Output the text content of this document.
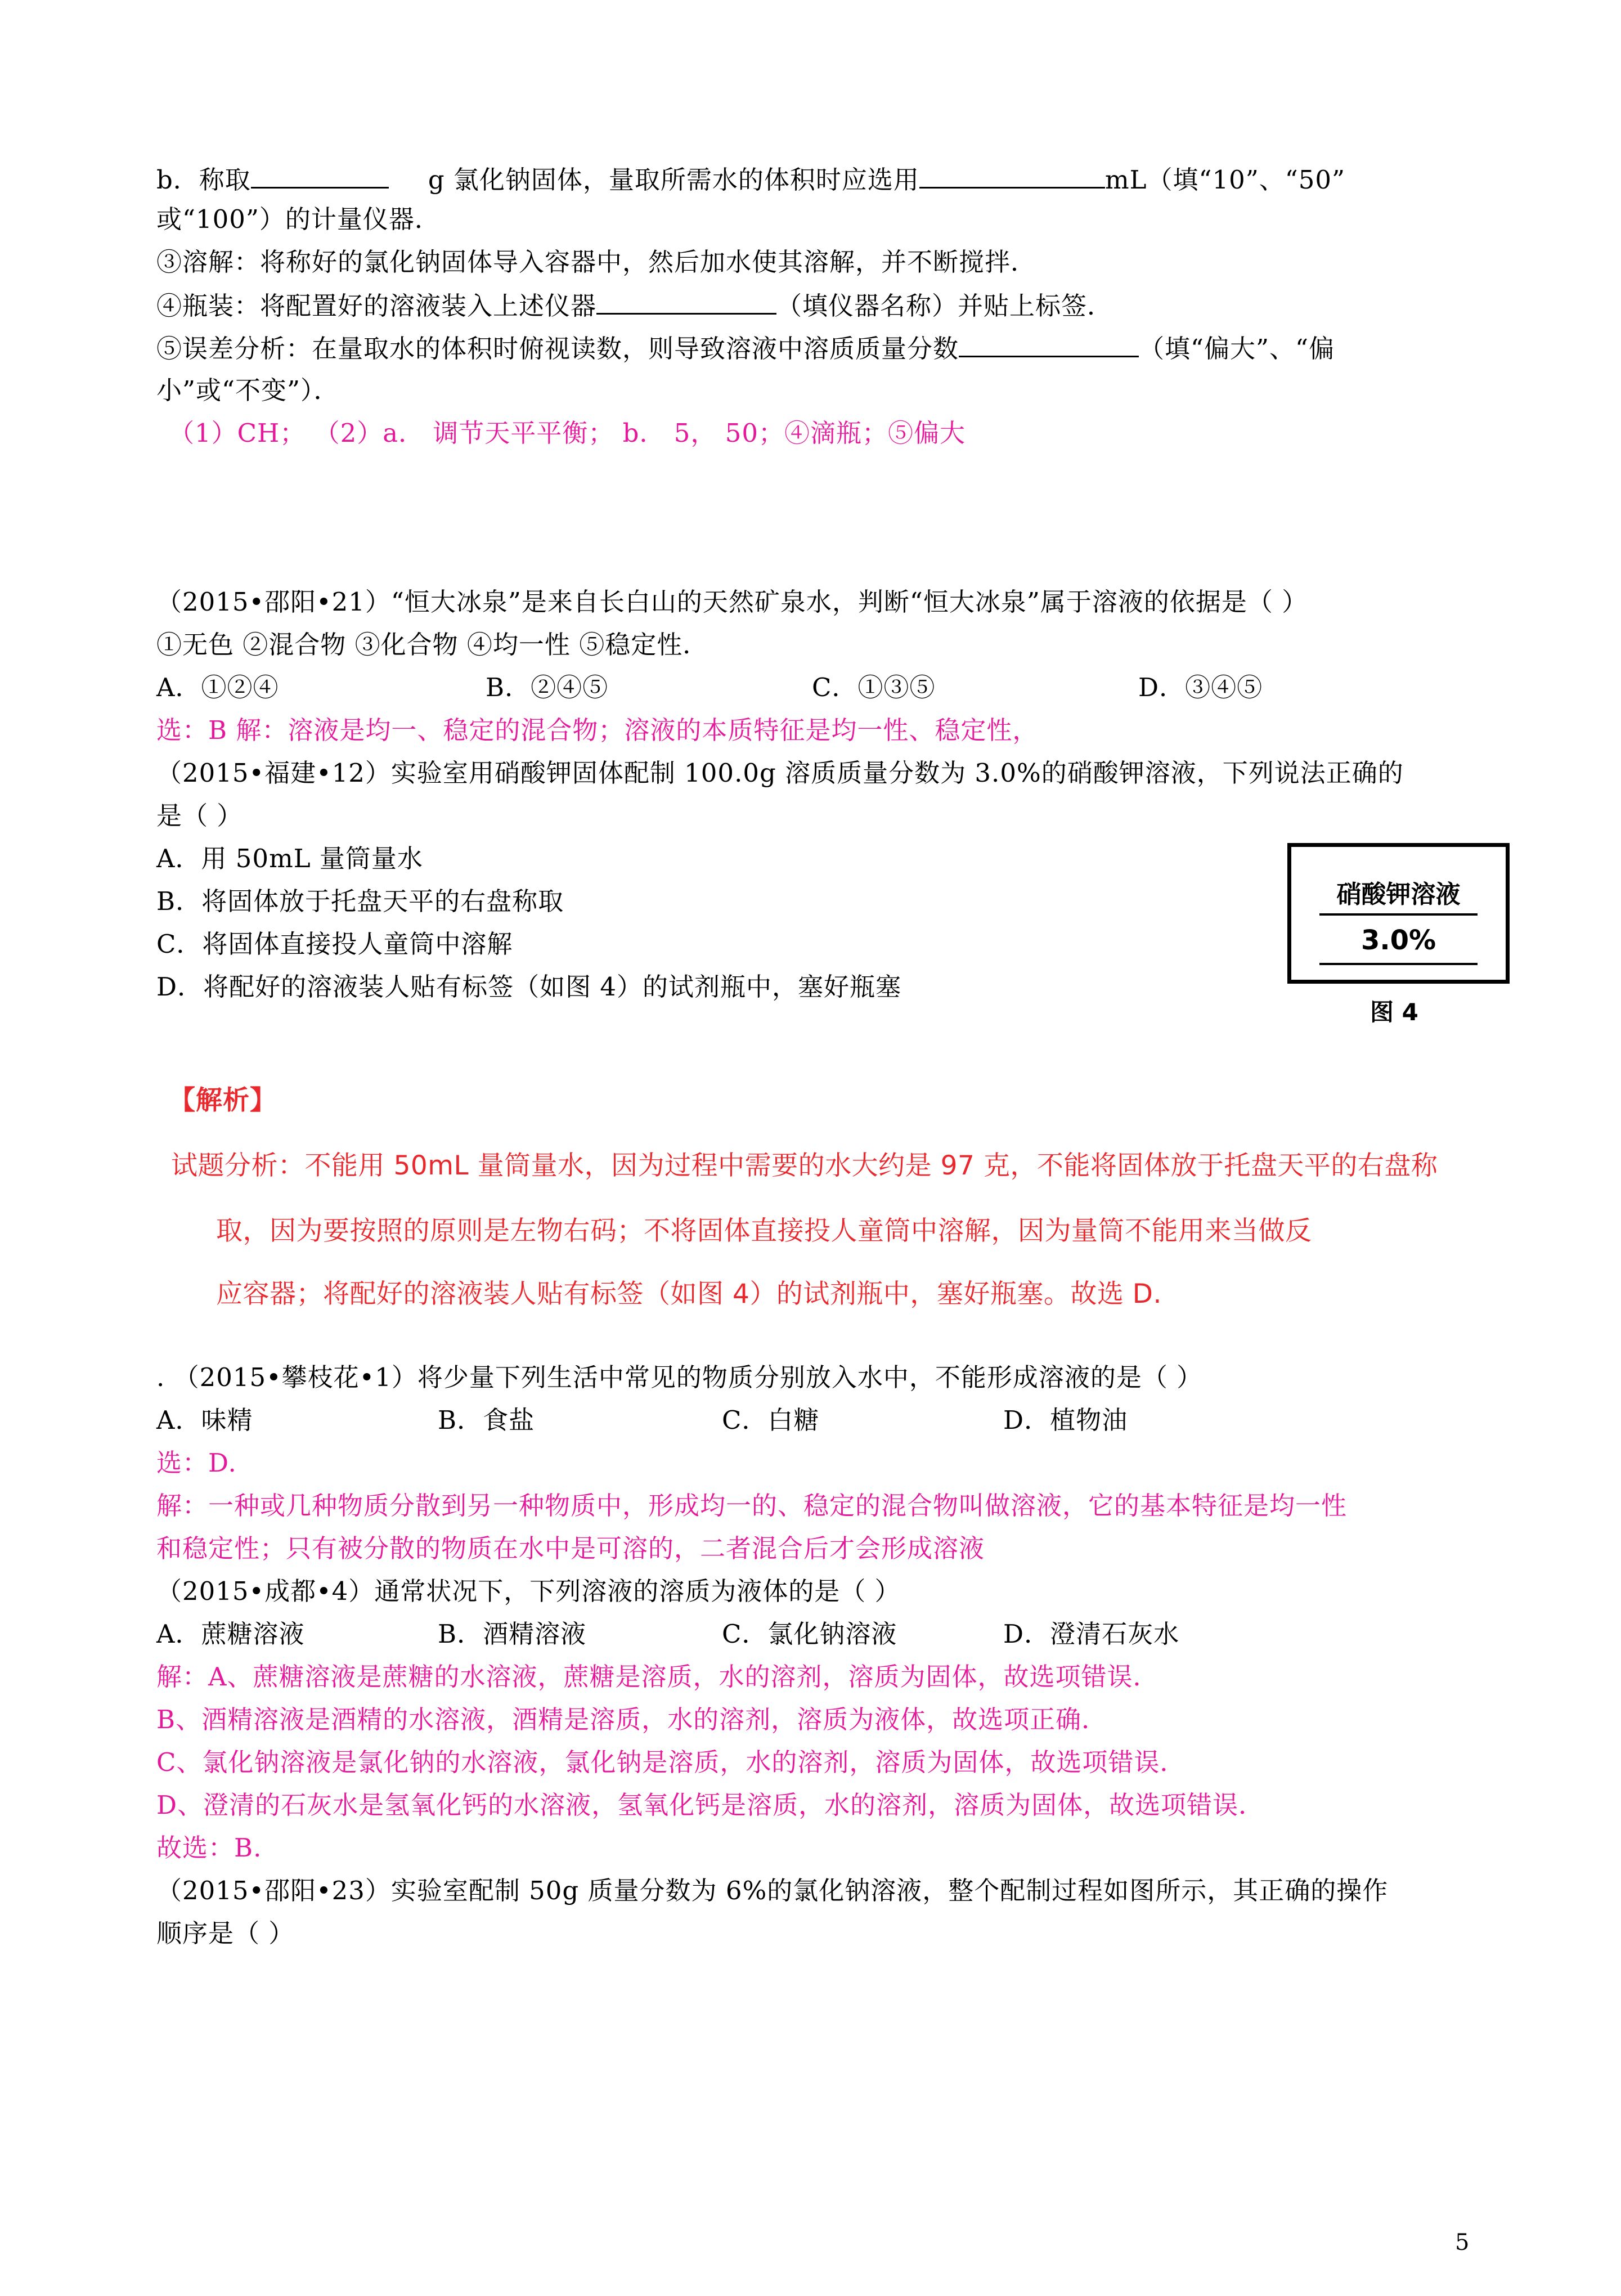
b．称取	g 氯化钠固体，量取所需水的体积时应选用	mL（填“10”、“50”

或“100”）的计量仪器．

③溶解：将称好的氯化钠固体导入容器中，然后加水使其溶解，并不断搅拌．

④瓶装：将配置好的溶液装入上述仪器	（填仪器名称）并贴上标签．

⑤误差分析：在量取水的体积时俯视读数，则导致溶液中溶质质量分数	（填“偏大”、“偏

小”或“不变”）．

（1）CH； （2）a． 调节天平平衡； b． 5， 50；④滴瓶；⑤偏大

（2015•邵阳•21）“恒大冰泉”是来自长白山的天然矿泉水，判断“恒大冰泉”属于溶液的依据是（ ）

①无色 ②混合物 ③化合物 ④均一性 ⑤稳定性．

A．①②④	B．②④⑤	C．①③⑤	D．③④⑤

选：B 解：溶液是均一、稳定的混合物；溶液的本质特征是均一性、稳定性，

（2015•福建•12）实验室用硝酸钾固体配制 100.0g 溶质质量分数为 3.0%的硝酸钾溶液，下列说法正确的

是（ ）

A．用 50mL 量筒量水

B．将固体放于托盘天平的右盘称取

C．将固体直接投人童筒中溶解

D．将配好的溶液装人贴有标签（如图 4）的试剂瓶中，塞好瓶塞

硝酸钾溶液
3.0%
图 4

【解析】

试题分析：不能用 50mL 量筒量水，因为过程中需要的水大约是 97 克，不能将固体放于托盘天平的右盘称

取，因为要按照的原则是左物右码；不将固体直接投人童筒中溶解，因为量筒不能用来当做反

应容器；将配好的溶液装人贴有标签（如图 4）的试剂瓶中，塞好瓶塞。故选 D.

. （2015•攀枝花•1）将少量下列生活中常见的物质分别放入水中，不能形成溶液的是（ ）

A．味精	B．食盐	C．白糖	D．植物油

选：D.

解：一种或几种物质分散到另一种物质中，形成均一的、稳定的混合物叫做溶液，它的基本特征是均一性

和稳定性；只有被分散的物质在水中是可溶的，二者混合后才会形成溶液

（2015•成都•4）通常状况下，下列溶液的溶质为液体的是（ ）

A．蔗糖溶液	B．酒精溶液	C．氯化钠溶液	D．澄清石灰水

解：A、蔗糖溶液是蔗糖的水溶液，蔗糖是溶质，水的溶剂，溶质为固体，故选项错误．

B、酒精溶液是酒精的水溶液，酒精是溶质，水的溶剂，溶质为液体，故选项正确．

C、氯化钠溶液是氯化钠的水溶液，氯化钠是溶质，水的溶剂，溶质为固体，故选项错误．

D、澄清的石灰水是氢氧化钙的水溶液，氢氧化钙是溶质，水的溶剂，溶质为固体，故选项错误．

故选：B.

（2015•邵阳•23）实验室配制 50g 质量分数为 6%的氯化钠溶液，整个配制过程如图所示，其正确的操作

顺序是（ ）

5
